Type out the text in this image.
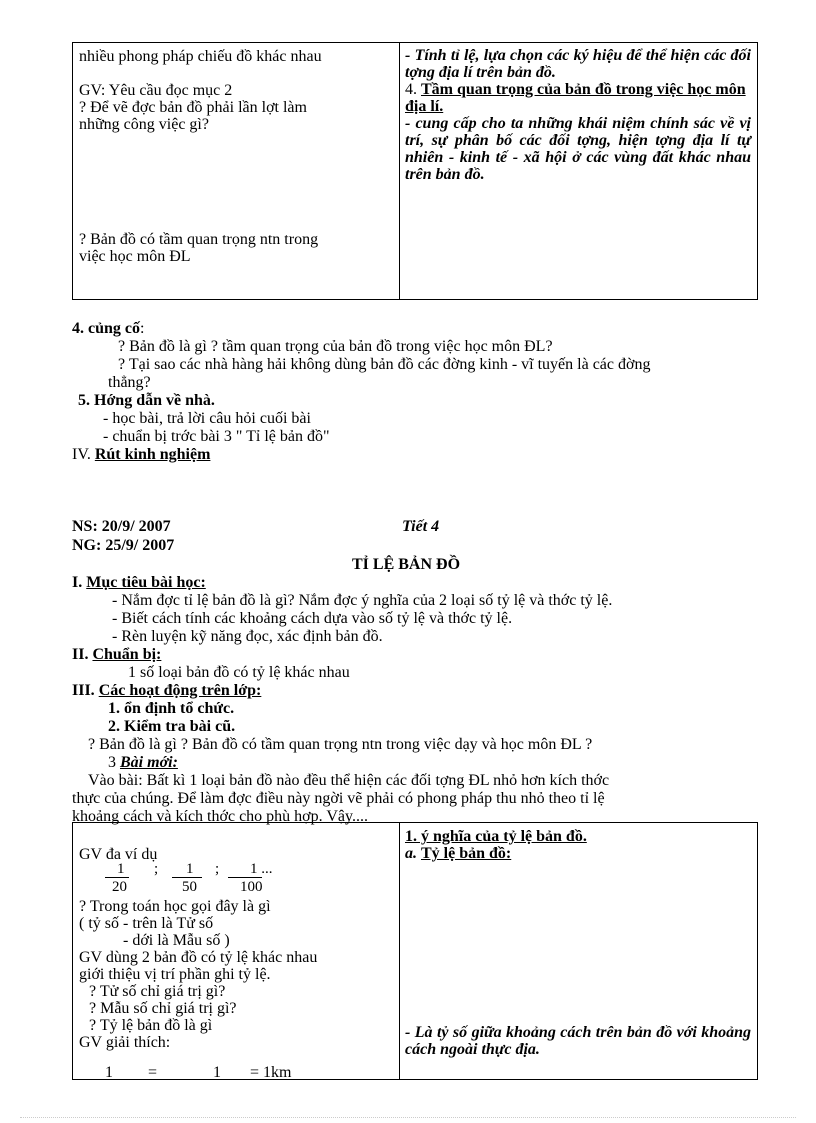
nhiều phong pháp chiếu đồ khác nhau

GV: Yêu cầu đọc mục 2

? Để vẽ đợc bản đồ phải lần lợt làm

những công việc gì?

? Bản đồ có tầm quan trọng ntn trong

việc học môn ĐL

- Tính tỉ lệ, lựa chọn các ký hiệu để thể hiện các đối tợng địa lí trên bản đồ.

4. Tầm quan trọng của bản đồ trong việc học môn địa lí.

- cung cấp cho ta những khái niệm chính sác về vị trí, sự phân bố các đối tợng, hiện tợng địa lí tự nhiên - kinh tế - xã hội ở các vùng đất khác nhau trên bản đồ.

4. củng cố:
? Bản đồ là gì ? tầm quan trọng của bản đồ trong việc học môn ĐL?
? Tại sao các nhà hàng hải không dùng bản đồ các đờng kinh - vĩ tuyến là các đờng
thẳng?
5. Hớng dẫn về nhà.
- học bài, trả lời câu hỏi cuối bài
- chuẩn bị trớc bài 3 " Tỉ lệ bản đồ"
IV. Rút kinh nghiệm
NS: 20/9/ 2007
NG: 25/9/ 2007
Tiết 4
TỈ LỆ BẢN ĐỒ
I. Mục tiêu bài học:
- Nắm đợc tỉ lệ bản đồ là gì? Nắm đợc ý nghĩa của 2 loại số tỷ lệ và thớc tỷ lệ.
- Biết cách tính các khoảng cách dựa vào số tỷ lệ và thớc tỷ lệ.
- Rèn luyện kỹ năng đọc, xác định bản đồ.
II. Chuẩn bị:
1 số loại bản đồ có tỷ lệ khác nhau
III. Các hoạt động trên lớp:
1. ổn định tổ chức.
2. Kiểm tra bài cũ.
? Bản đồ là gì ? Bản đồ có tầm quan trọng ntn trong việc dạy và học môn ĐL ?
3 Bài mới:
Vào bài: Bất kì 1 loại bản đồ nào đều thể hiện các đối tợng ĐL nhỏ hơn kích thớc
thực của chúng. Để làm đợc điều này ngời vẽ phải có phong pháp thu nhỏ theo tỉ lệ
khoảng cách và kích thớc cho phù hợp. Vậy....

GV đa ví dụ

1
20
; 1
50
; 1 ...
100

? Trong toán học gọi đây là gì

( tỷ số - trên là Tử số

- dới là Mẫu số )

GV dùng 2 bản đồ có tỷ lệ khác nhau

giới thiệu vị trí phần ghi tỷ lệ.

? Tử số chỉ giá trị gì?

? Mẫu số chỉ giá trị gì?

? Tỷ lệ bản đồ là gì

GV giải thích:

1 =	1 = 1km

1. ý nghĩa của tỷ lệ bản đồ.

a. Tỷ lệ bản đồ:

- Là tỷ số giữa khoảng cách trên bản đồ với khoảng cách ngoài thực địa.
